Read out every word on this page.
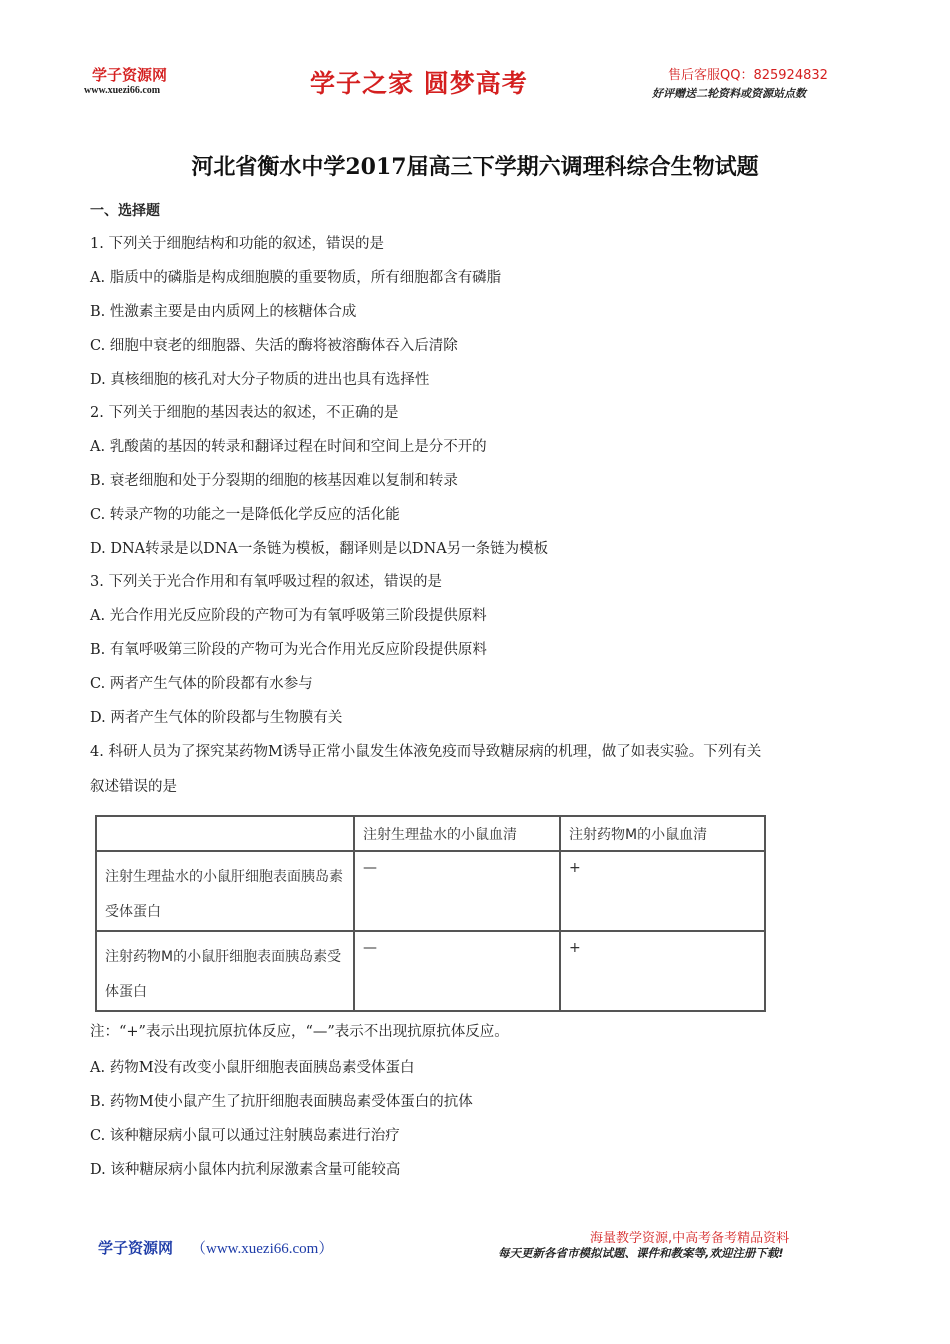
学子资源网
www.xuezi66.com	学子之家 圆梦高考	售后客服QQ：825924832
好评赠送二轮资料或资源站点数
河北省衡水中学2017届高三下学期六调理科综合生物试题
一、选择题
1. 下列关于细胞结构和功能的叙述，错误的是
A. 脂质中的磷脂是构成细胞膜的重要物质，所有细胞都含有磷脂
B. 性激素主要是由内质网上的核糖体合成
C. 细胞中衰老的细胞器、失活的酶将被溶酶体吞入后清除
D. 真核细胞的核孔对大分子物质的进出也具有选择性
2. 下列关于细胞的基因表达的叙述，不正确的是
A. 乳酸菌的基因的转录和翻译过程在时间和空间上是分不开的
B. 衰老细胞和处于分裂期的细胞的核基因难以复制和转录
C. 转录产物的功能之一是降低化学反应的活化能
D. DNA转录是以DNA一条链为模板，翻译则是以DNA另一条链为模板
3. 下列关于光合作用和有氧呼吸过程的叙述，错误的是
A. 光合作用光反应阶段的产物可为有氧呼吸第三阶段提供原料
B. 有氧呼吸第三阶段的产物可为光合作用光反应阶段提供原料
C. 两者产生气体的阶段都有水参与
D. 两者产生气体的阶段都与生物膜有关
4. 科研人员为了探究某药物M诱导正常小鼠发生体液免疫而导致糖尿病的机理，做了如表实验。下列有关
叙述错误的是
	注射生理盐水的小鼠血清	注射药物M的小鼠血清
注射生理盐水的小鼠肝细胞表面胰岛素受体蛋白	—	+
注射药物M的小鼠肝细胞表面胰岛素受体蛋白	—	+
注：“+”表示出现抗原抗体反应，“—”表示不出现抗原抗体反应。
A. 药物M没有改变小鼠肝细胞表面胰岛素受体蛋白
B. 药物M使小鼠产生了抗肝细胞表面胰岛素受体蛋白的抗体
C. 该种糖尿病小鼠可以通过注射胰岛素进行治疗
D. 该种糖尿病小鼠体内抗利尿激素含量可能较高
学子资源网 （www.xuezi66.com）
海量教学资源,中高考备考精品资料
每天更新各省市模拟试题、课件和教案等,欢迎注册下载!
